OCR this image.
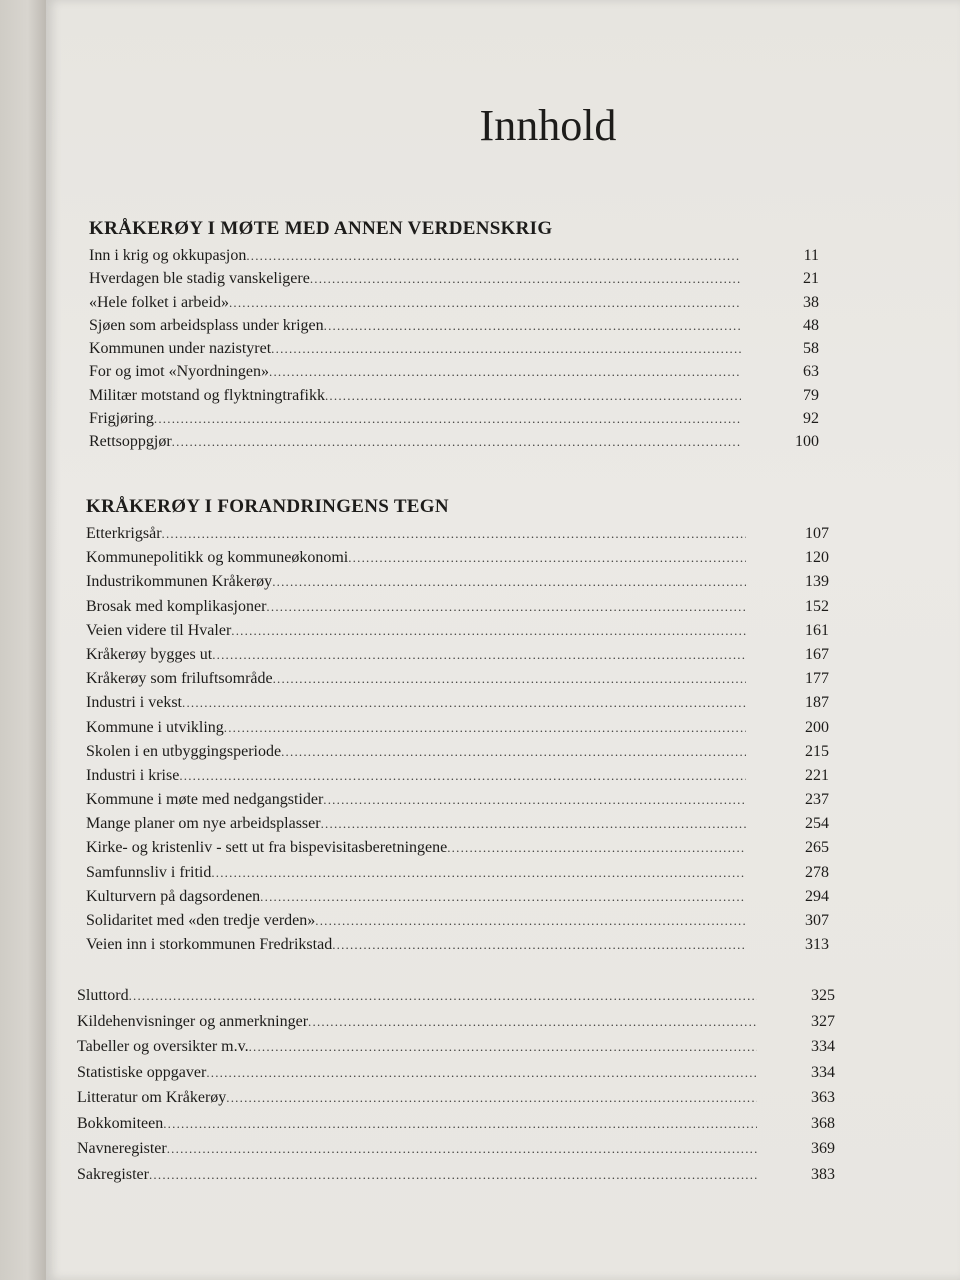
Innhold
KRÅKERØY I MØTE MED ANNEN VERDENSKRIG
Inn i krig og okkupasjon .....	11
Hverdagen ble stadig vanskeligere .....	21
«Hele folket i arbeid» .....	38
Sjøen som arbeidsplass under krigen .....	48
Kommunen under nazistyret .....	58
For og imot «Nyordningen» .....	63
Militær motstand og flyktningtrafikk .....	79
Frigjøring .....	92
Rettsoppgjør .....	100
KRÅKERØY I FORANDRINGENS TEGN
Etterkrigsår .....	107
Kommunepolitikk og kommuneøkonomi .....	120
Industrikommunen Kråkerøy .....	139
Brosak med komplikasjoner .....	152
Veien videre til Hvaler .....	161
Kråkerøy bygges ut .....	167
Kråkerøy som friluftsområde .....	177
Industri i vekst .....	187
Kommune i utvikling .....	200
Skolen i en utbyggingsperiode .....	215
Industri i krise .....	221
Kommune i møte med nedgangstider .....	237
Mange planer om nye arbeidsplasser .....	254
Kirke- og kristenliv - sett ut fra bispevisitasberetningene .....	265
Samfunnsliv i fritid .....	278
Kulturvern på dagsordenen .....	294
Solidaritet med «den tredje verden» .....	307
Veien inn i storkommunen Fredrikstad .....	313
Sluttord .....	325
Kildehenvisninger og anmerkninger .....	327
Tabeller og oversikter m.v. .....	334
Statistiske oppgaver .....	334
Litteratur om Kråkerøy .....	363
Bokkomiteen .....	368
Navneregister .....	369
Sakregister .....	383
